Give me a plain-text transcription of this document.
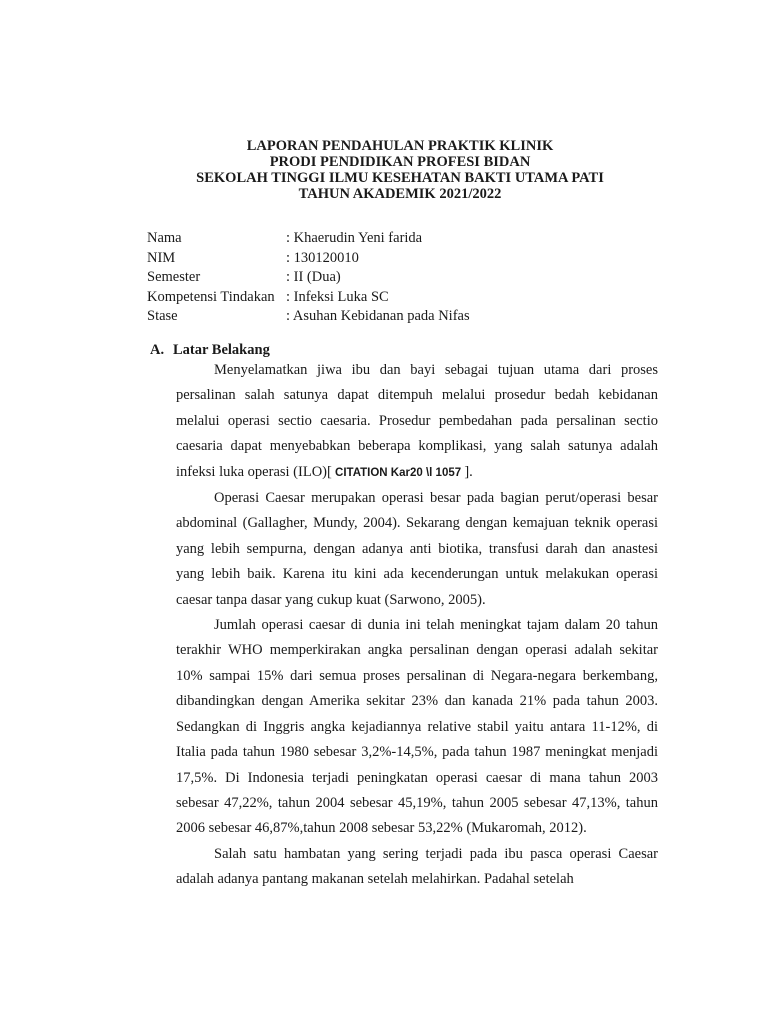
LAPORAN PENDAHULAN PRAKTIK KLINIK
PRODI PENDIDIKAN PROFESI BIDAN
SEKOLAH TINGGI ILMU KESEHATAN BAKTI UTAMA PATI
TAHUN AKADEMIK 2021/2022
Nama	: Khaerudin Yeni farida
NIM	: 130120010
Semester	: II (Dua)
Kompetensi Tindakan : Infeksi Luka SC
Stase	: Asuhan Kebidanan pada Nifas
A. Latar Belakang

Menyelamatkan jiwa ibu dan bayi sebagai tujuan utama dari proses persalinan salah satunya dapat ditempuh melalui prosedur bedah kebidanan melalui operasi sectio caesaria. Prosedur pembedahan pada persalinan sectio caesaria dapat menyebabkan beberapa komplikasi, yang salah satunya adalah infeksi luka operasi (ILO)[ CITATION Kar20 \l 1057 ].

Operasi Caesar merupakan operasi besar pada bagian perut/operasi besar abdominal (Gallagher, Mundy, 2004). Sekarang dengan kemajuan teknik operasi yang lebih sempurna, dengan adanya anti biotika, transfusi darah dan anastesi yang lebih baik. Karena itu kini ada kecenderungan untuk melakukan operasi caesar tanpa dasar yang cukup kuat (Sarwono, 2005).

Jumlah operasi caesar di dunia ini telah meningkat tajam dalam 20 tahun terakhir WHO memperkirakan angka persalinan dengan operasi adalah sekitar 10% sampai 15% dari semua proses persalinan di Negara-negara berkembang, dibandingkan dengan Amerika sekitar 23% dan kanada 21% pada tahun 2003. Sedangkan di Inggris angka kejadiannya relative stabil yaitu antara 11-12%, di Italia pada tahun 1980 sebesar 3,2%-14,5%, pada tahun 1987 meningkat menjadi 17,5%. Di Indonesia terjadi peningkatan operasi caesar di mana tahun 2003 sebesar 47,22%, tahun 2004 sebesar 45,19%, tahun 2005 sebesar 47,13%, tahun 2006 sebesar 46,87%,tahun 2008 sebesar 53,22% (Mukaromah, 2012).

Salah satu hambatan yang sering terjadi pada ibu pasca operasi Caesar adalah adanya pantang makanan setelah melahirkan. Padahal setelah
